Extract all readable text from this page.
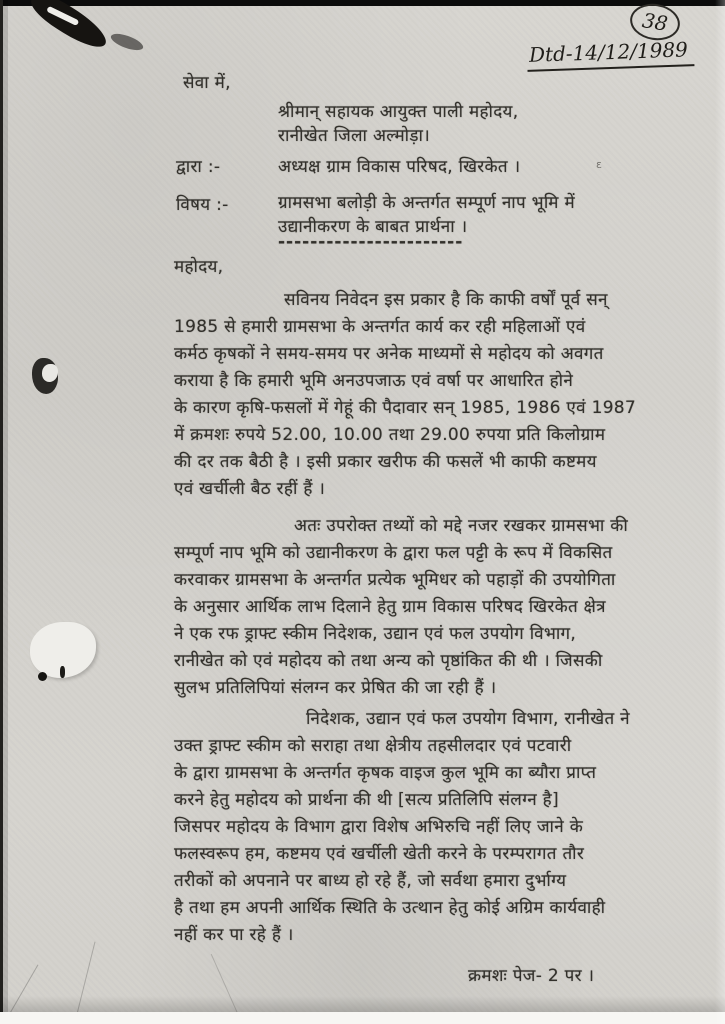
38
Dtd-14/12/1989
सेवा में,
श्रीमान् सहायक आयुक्त पाली महोदय,
रानीखेत जिला अल्मोड़ा।
द्वारा :-	अध्यक्ष ग्राम विकास परिषद, खिरकेत ।	ɛ
विषय :-	ग्रामसभा बलोड़ी के अन्तर्गत सम्पूर्ण नाप भूमि में
उद्यानीकरण के बाबत प्रार्थना ।
-----------------------
महोदय,
सविनय निवेदन इस प्रकार है कि काफी वर्षों पूर्व सन्
1985 से हमारी ग्रामसभा के अन्तर्गत कार्य कर रही महिलाओं एवं
कर्मठ कृषकों ने समय-समय पर अनेक माध्यमों से महोदय को अवगत
कराया है कि हमारी भूमि अनउपजाऊ एवं वर्षा पर आधारित होने
के कारण कृषि-फसलों में गेहूं की पैदावार सन् 1985, 1986 एवं 1987
में क्रमशः रुपये 52.00, 10.00 तथा 29.00 रुपया प्रति किलोग्राम
की दर तक बैठी है । इसी प्रकार खरीफ की फसलें भी काफी कष्टमय
एवं खर्चीली बैठ रहीं हैं ।
अतः उपरोक्त तथ्यों को मद्दे नजर रखकर ग्रामसभा की
सम्पूर्ण नाप भूमि को उद्यानीकरण के द्वारा फल पट्टी के रूप में विकसित
करवाकर ग्रामसभा के अन्तर्गत प्रत्येक भूमिधर को पहाड़ों की उपयोगिता
के अनुसार आर्थिक लाभ दिलाने हेतु ग्राम विकास परिषद खिरकेत क्षेत्र
ने एक रफ ड्राफ्ट स्कीम निदेशक, उद्यान एवं फल उपयोग विभाग,
रानीखेत को एवं महोदय को तथा अन्य को पृष्ठांकित की थी । जिसकी
सुलभ प्रतिलिपियां संलग्न कर प्रेषित की जा रही हैं ।
निदेशक, उद्यान एवं फल उपयोग विभाग, रानीखेत ने
उक्त ड्राफ्ट स्कीम को सराहा तथा क्षेत्रीय तहसीलदार एवं पटवारी
के द्वारा ग्रामसभा के अन्तर्गत कृषक वाइज कुल भूमि का ब्यौरा प्राप्त
करने हेतु महोदय को प्रार्थना की थी [सत्य प्रतिलिपि संलग्न है]
जिसपर महोदय के विभाग द्वारा विशेष अभिरुचि नहीं लिए जाने के
फलस्वरूप हम, कष्टमय एवं खर्चीली खेती करने के परम्परागत तौर
तरीकों को अपनाने पर बाध्य हो रहे हैं, जो सर्वथा हमारा दुर्भाग्य
है तथा हम अपनी आर्थिक स्थिति के उत्थान हेतु कोई अग्रिम कार्यवाही
नहीं कर पा रहे हैं ।
क्रमशः पेज- 2 पर ।
